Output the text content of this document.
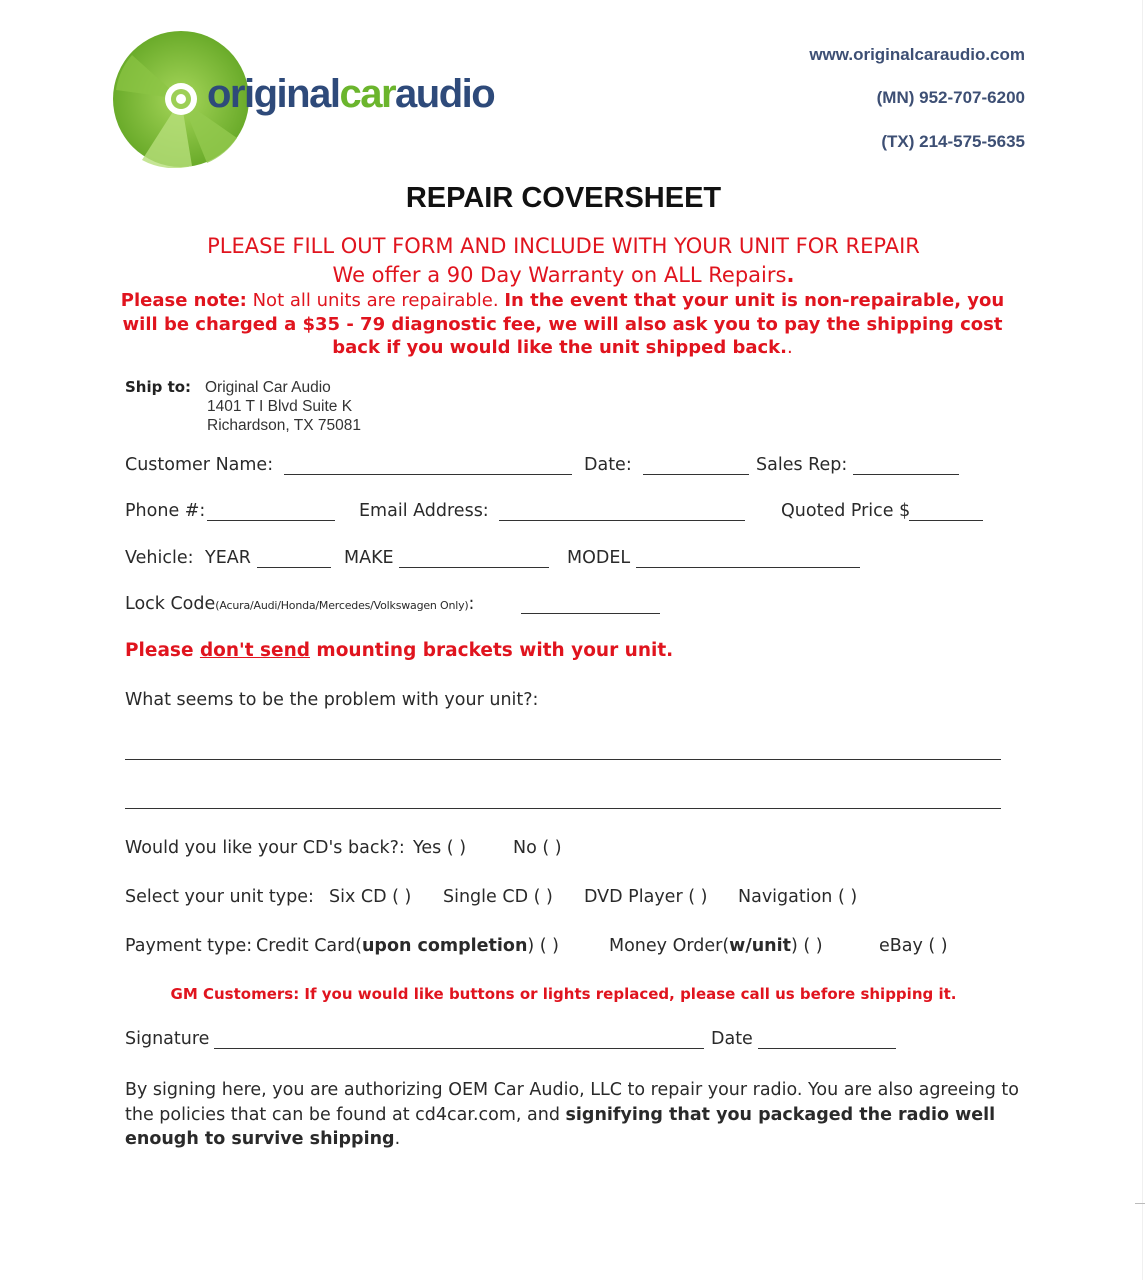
originalcaraudio
www.originalcaraudio.com
(MN) 952-707-6200
(TX) 214-575-5635
REPAIR COVERSHEET
PLEASE FILL OUT FORM AND INCLUDE WITH YOUR UNIT FOR REPAIR
We offer a 90 Day Warranty on ALL Repairs.
Please note: Not all units are repairable. In the event that your unit is non-repairable, you will be charged a $35 - 79 diagnostic fee, we will also ask you to pay the shipping cost back if you would like the unit shipped back..
Ship to: Original Car Audio
1401 T I Blvd Suite K
Richardson, TX 75081
Customer Name:	Date:	Sales Rep:
Phone #:	Email Address:	Quoted Price $
Vehicle: YEAR	MAKE	MODEL
Lock Code(Acura/Audi/Honda/Mercedes/Volkswagen Only):
Please don't send mounting brackets with your unit.
What seems to be the problem with your unit?:
Would you like your CD's back?: Yes ( )	No ( )
Select your unit type: Six CD ( ) Single CD ( ) DVD Player ( ) Navigation ( )
Payment type: Credit Card(upon completion) ( )	Money Order(w/unit) ( )	eBay ( )
GM Customers: If you would like buttons or lights replaced, please call us before shipping it.
Signature	Date
By signing here, you are authorizing OEM Car Audio, LLC to repair your radio. You are also agreeing to the policies that can be found at cd4car.com, and signifying that you packaged the radio well enough to survive shipping.
